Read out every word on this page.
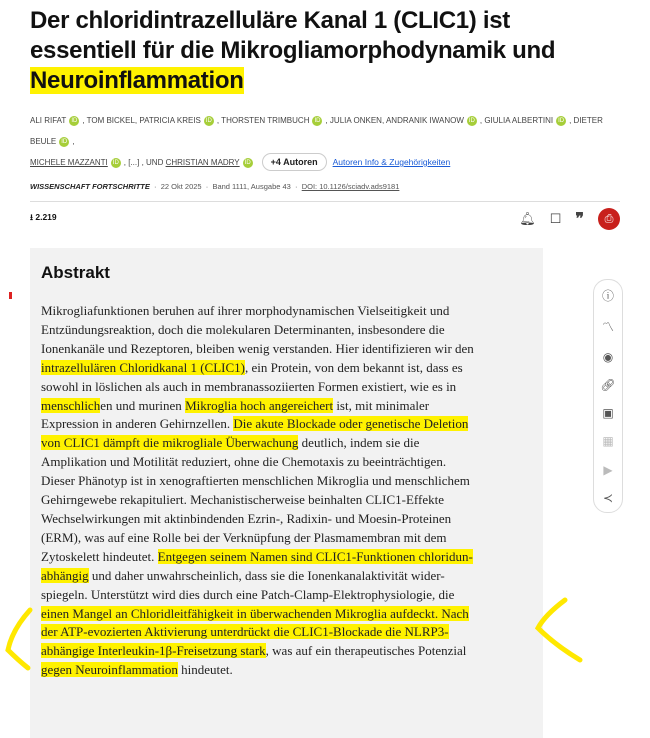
Der chloridintrazelluläre Kanal 1 (CLIC1) ist essentiell für die Mikrogliamorphodynamik und Neuroinflammation
ALI RIFAT ID , TOM BICKEL, PATRICIA KREIS ID , THORSTEN TRIMBUCH ID , JULIA ONKEN, ANDRANIK IWANOW ID , GIULIA ALBERTINI ID , DIETER BEULE ID ,
MICHELE MAZZANTI ID , [...] , UND CHRISTIAN MADRY ID +4 Autoren Autoren Info & Zugehörigkeiten
WISSENSCHAFT FORTSCHRITTE  ·  22 Okt 2025  ·  Band 1111, Ausgabe 43  ·  DOI: 10.1126/sciadv.ads9181
⭳ 2.219	🔔︎ ☐ ❞	⎙
Abstrakt
Mikrogliafunktionen beruhen auf ihrer morphodynamischen Vielseitigkeit und
Entzündungsreaktion, doch die molekularen Determinanten, insbesondere die
Ionenkanäle und Rezeptoren, bleiben wenig verstanden. Hier identifizieren wir den
intrazellulären Chloridkanal 1 (CLIC1), ein Protein, von dem bekannt ist, dass es
sowohl in löslichen als auch in membranassoziierten Formen existiert, wie es in
menschlichen und murinen Mikroglia hoch angereichert ist, mit minimaler
Expression in anderen Gehirnzellen. Die akute Blockade oder genetische Deletion
von CLIC1 dämpft die mikrogliale Überwachung deutlich, indem sie die
Amplikation und Motilität reduziert, ohne die Chemotaxis zu beeinträchtigen.
Dieser Phänotyp ist in xenograftierten menschlichen Mikroglia und menschlichem
Gehirngewebe rekapituliert. Mechanistischerweise beinhalten CLIC1-Effekte
Wechselwirkungen mit aktinbindenden Ezrin-, Radixin- und Moesin-Proteinen
(ERM), was auf eine Rolle bei der Verknüpfung der Plasmamembran mit dem
Zytoskelett hindeutet. Entgegen seinem Namen sind CLIC1-Funktionen chloridun-
abhängig und daher unwahrscheinlich, dass sie die Ionenkanalaktivität wider-
spiegeln. Unterstützt wird dies durch eine Patch-Clamp-Elektrophysiologie, die
einen Mangel an Chloridleitfähigkeit in überwachenden Mikroglia aufdeckt. Nach
der ATP-evozierten Aktivierung unterdrückt die CLIC1-Blockade die NLRP3-
abhängige Interleukin-1β-Freisetzung stark, was auf ein therapeutisches Potenzial
gegen Neuroinflammation hindeutet.
ⓘ
〽
◉
🔗︎
▣
▦
▶
≺
